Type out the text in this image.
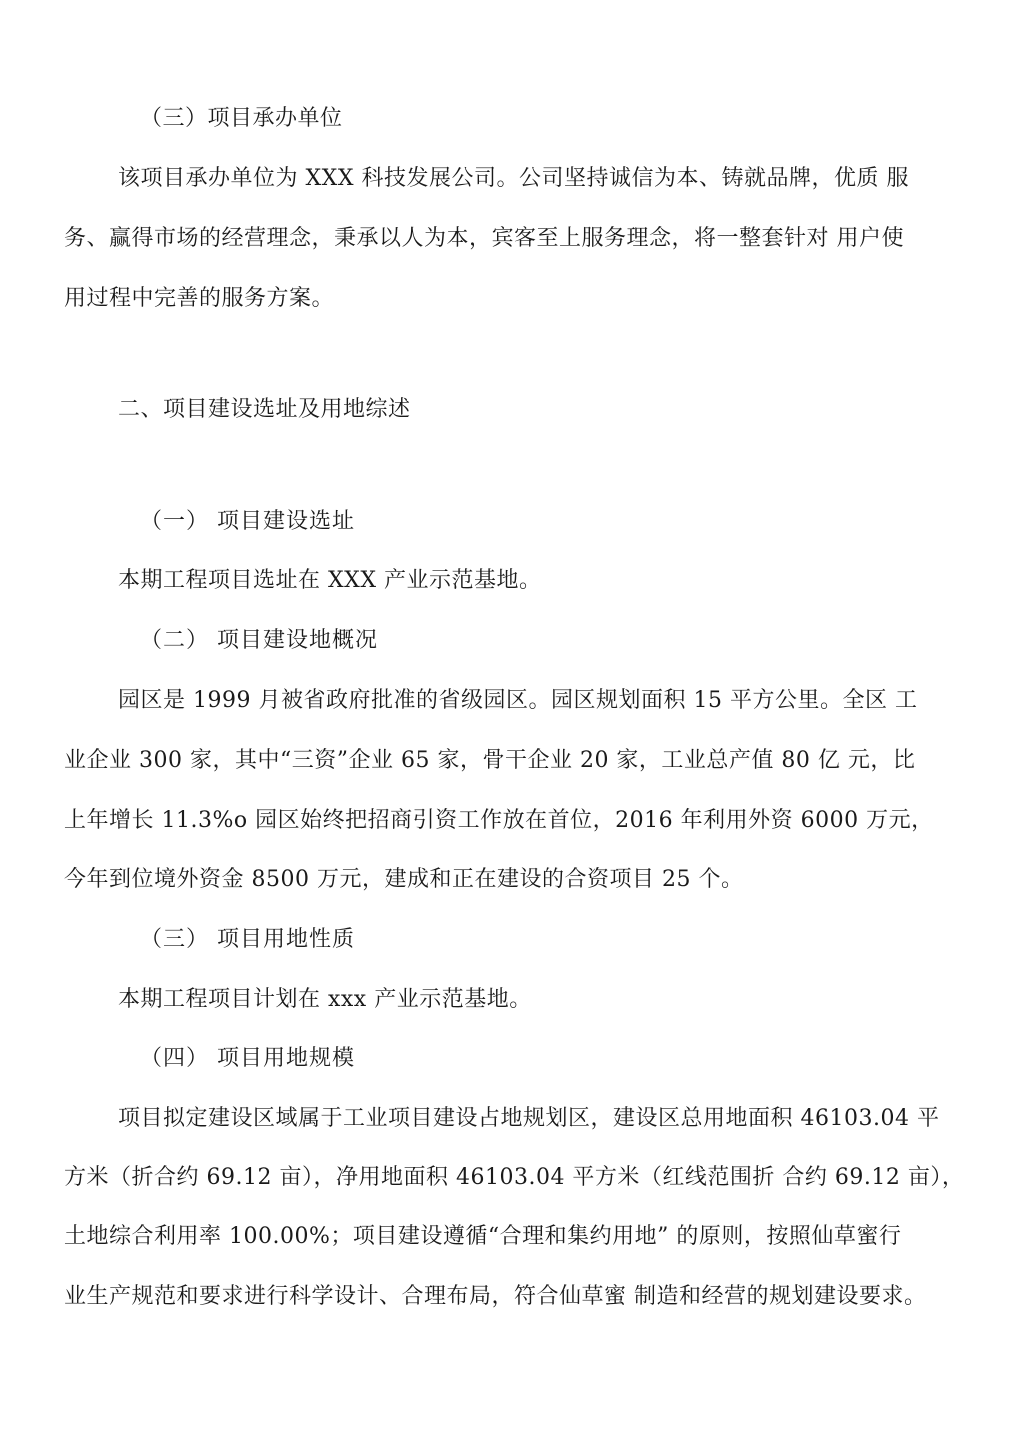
（三）项目承办单位
该项目承办单位为 XXX 科技发展公司。公司坚持诚信为本、铸就品牌，优质 服
务、赢得市场的经营理念，秉承以人为本，宾客至上服务理念，将一整套针对 用户使
用过程中完善的服务方案。
二、项目建设选址及用地综述
（一） 项目建设选址
本期工程项目选址在 XXX 产业示范基地。
（二） 项目建设地概况
园区是 1999 月被省政府批准的省级园区。园区规划面积 15 平方公里。全区 工
业企业 300 家，其中“三资”企业 65 家，骨干企业 20 家，工业总产值 80 亿 元，比
上年增长 11.3%o 园区始终把招商引资工作放在首位，2016 年利用外资 6000 万元，
今年到位境外资金 8500 万元，建成和正在建设的合资项目 25 个。
（三） 项目用地性质
本期工程项目计划在 xxx 产业示范基地。
（四） 项目用地规模
项目拟定建设区域属于工业项目建设占地规划区，建设区总用地面积 46103.04 平
方米（折合约 69.12 亩），净用地面积 46103.04 平方米（红线范围折 合约 69.12 亩），
土地综合利用率 100.00%；项目建设遵循“合理和集约用地” 的原则，按照仙草蜜行
业生产规范和要求进行科学设计、合理布局，符合仙草蜜 制造和经营的规划建设要求。
